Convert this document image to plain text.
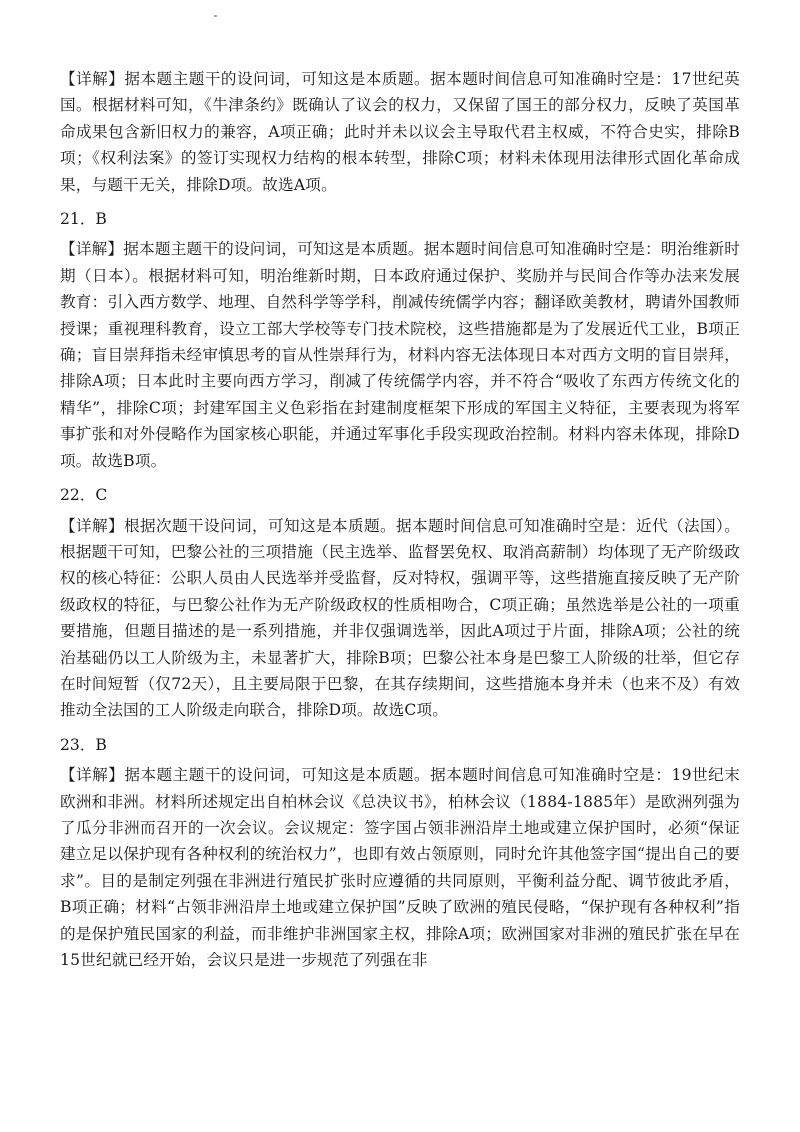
【详解】据本题主题干的设问词，可知这是本质题。据本题时间信息可知准确时空是：17世纪英国。根据材料可知，《牛津条约》既确认了议会的权力，又保留了国王的部分权力，反映了英国革命成果包含新旧权力的兼容，A项正确；此时并未以议会主导取代君主权威，不符合史实，排除B项；《权利法案》的签订实现权力结构的根本转型，排除C项；材料未体现用法律形式固化革命成果，与题干无关，排除D项。故选A项。

21．B

【详解】据本题主题干的设问词，可知这是本质题。据本题时间信息可知准确时空是：明治维新时期（日本）。根据材料可知，明治维新时期，日本政府通过保护、奖励并与民间合作等办法来发展教育：引入西方数学、地理、自然科学等学科，削减传统儒学内容；翻译欧美教材，聘请外国教师授课；重视理科教育，设立工部大学校等专门技术院校，这些措施都是为了发展近代工业，B项正确；盲目崇拜指未经审慎思考的盲从性崇拜行为，材料内容无法体现日本对西方文明的盲目崇拜，排除A项；日本此时主要向西方学习，削减了传统儒学内容，并不符合“吸收了东西方传统文化的精华”，排除C项；封建军国主义色彩指在封建制度框架下形成的军国主义特征，主要表现为将军事扩张和对外侵略作为国家核心职能，并通过军事化手段实现政治控制。材料内容未体现，排除D项。故选B项。

22．C

【详解】根据次题干设问词，可知这是本质题。据本题时间信息可知准确时空是：近代（法国）。根据题干可知，巴黎公社的三项措施（民主选举、监督罢免权、取消高薪制）均体现了无产阶级政权的核心特征：公职人员由人民选举并受监督，反对特权，强调平等，这些措施直接反映了无产阶级政权的特征，与巴黎公社作为无产阶级政权的性质相吻合，C项正确；虽然选举是公社的一项重要措施，但题目描述的是一系列措施，并非仅强调选举，因此A项过于片面，排除A项；公社的统治基础仍以工人阶级为主，未显著扩大，排除B项；巴黎公社本身是巴黎工人阶级的壮举，但它存在时间短暂（仅72天），且主要局限于巴黎，在其存续期间，这些措施本身并未（也来不及）有效推动全法国的工人阶级走向联合，排除D项。故选C项。

23．B

【详解】据本题主题干的设问词，可知这是本质题。据本题时间信息可知准确时空是：19世纪末欧洲和非洲。材料所述规定出自柏林会议《总决议书》，柏林会议（1884-1885年）是欧洲列强为了瓜分非洲而召开的一次会议。会议规定：签字国占领非洲沿岸土地或建立保护国时，必须“保证建立足以保护现有各种权利的统治权力”，也即有效占领原则，同时允许其他签字国“提出自己的要求”。目的是制定列强在非洲进行殖民扩张时应遵循的共同原则，平衡利益分配、调节彼此矛盾，B项正确；材料“占领非洲沿岸土地或建立保护国”反映了欧洲的殖民侵略，“保护现有各种权利”指的是保护殖民国家的利益，而非维护非洲国家主权，排除A项；欧洲国家对非洲的殖民扩张在早在15世纪就已经开始，会议只是进一步规范了列强在非
